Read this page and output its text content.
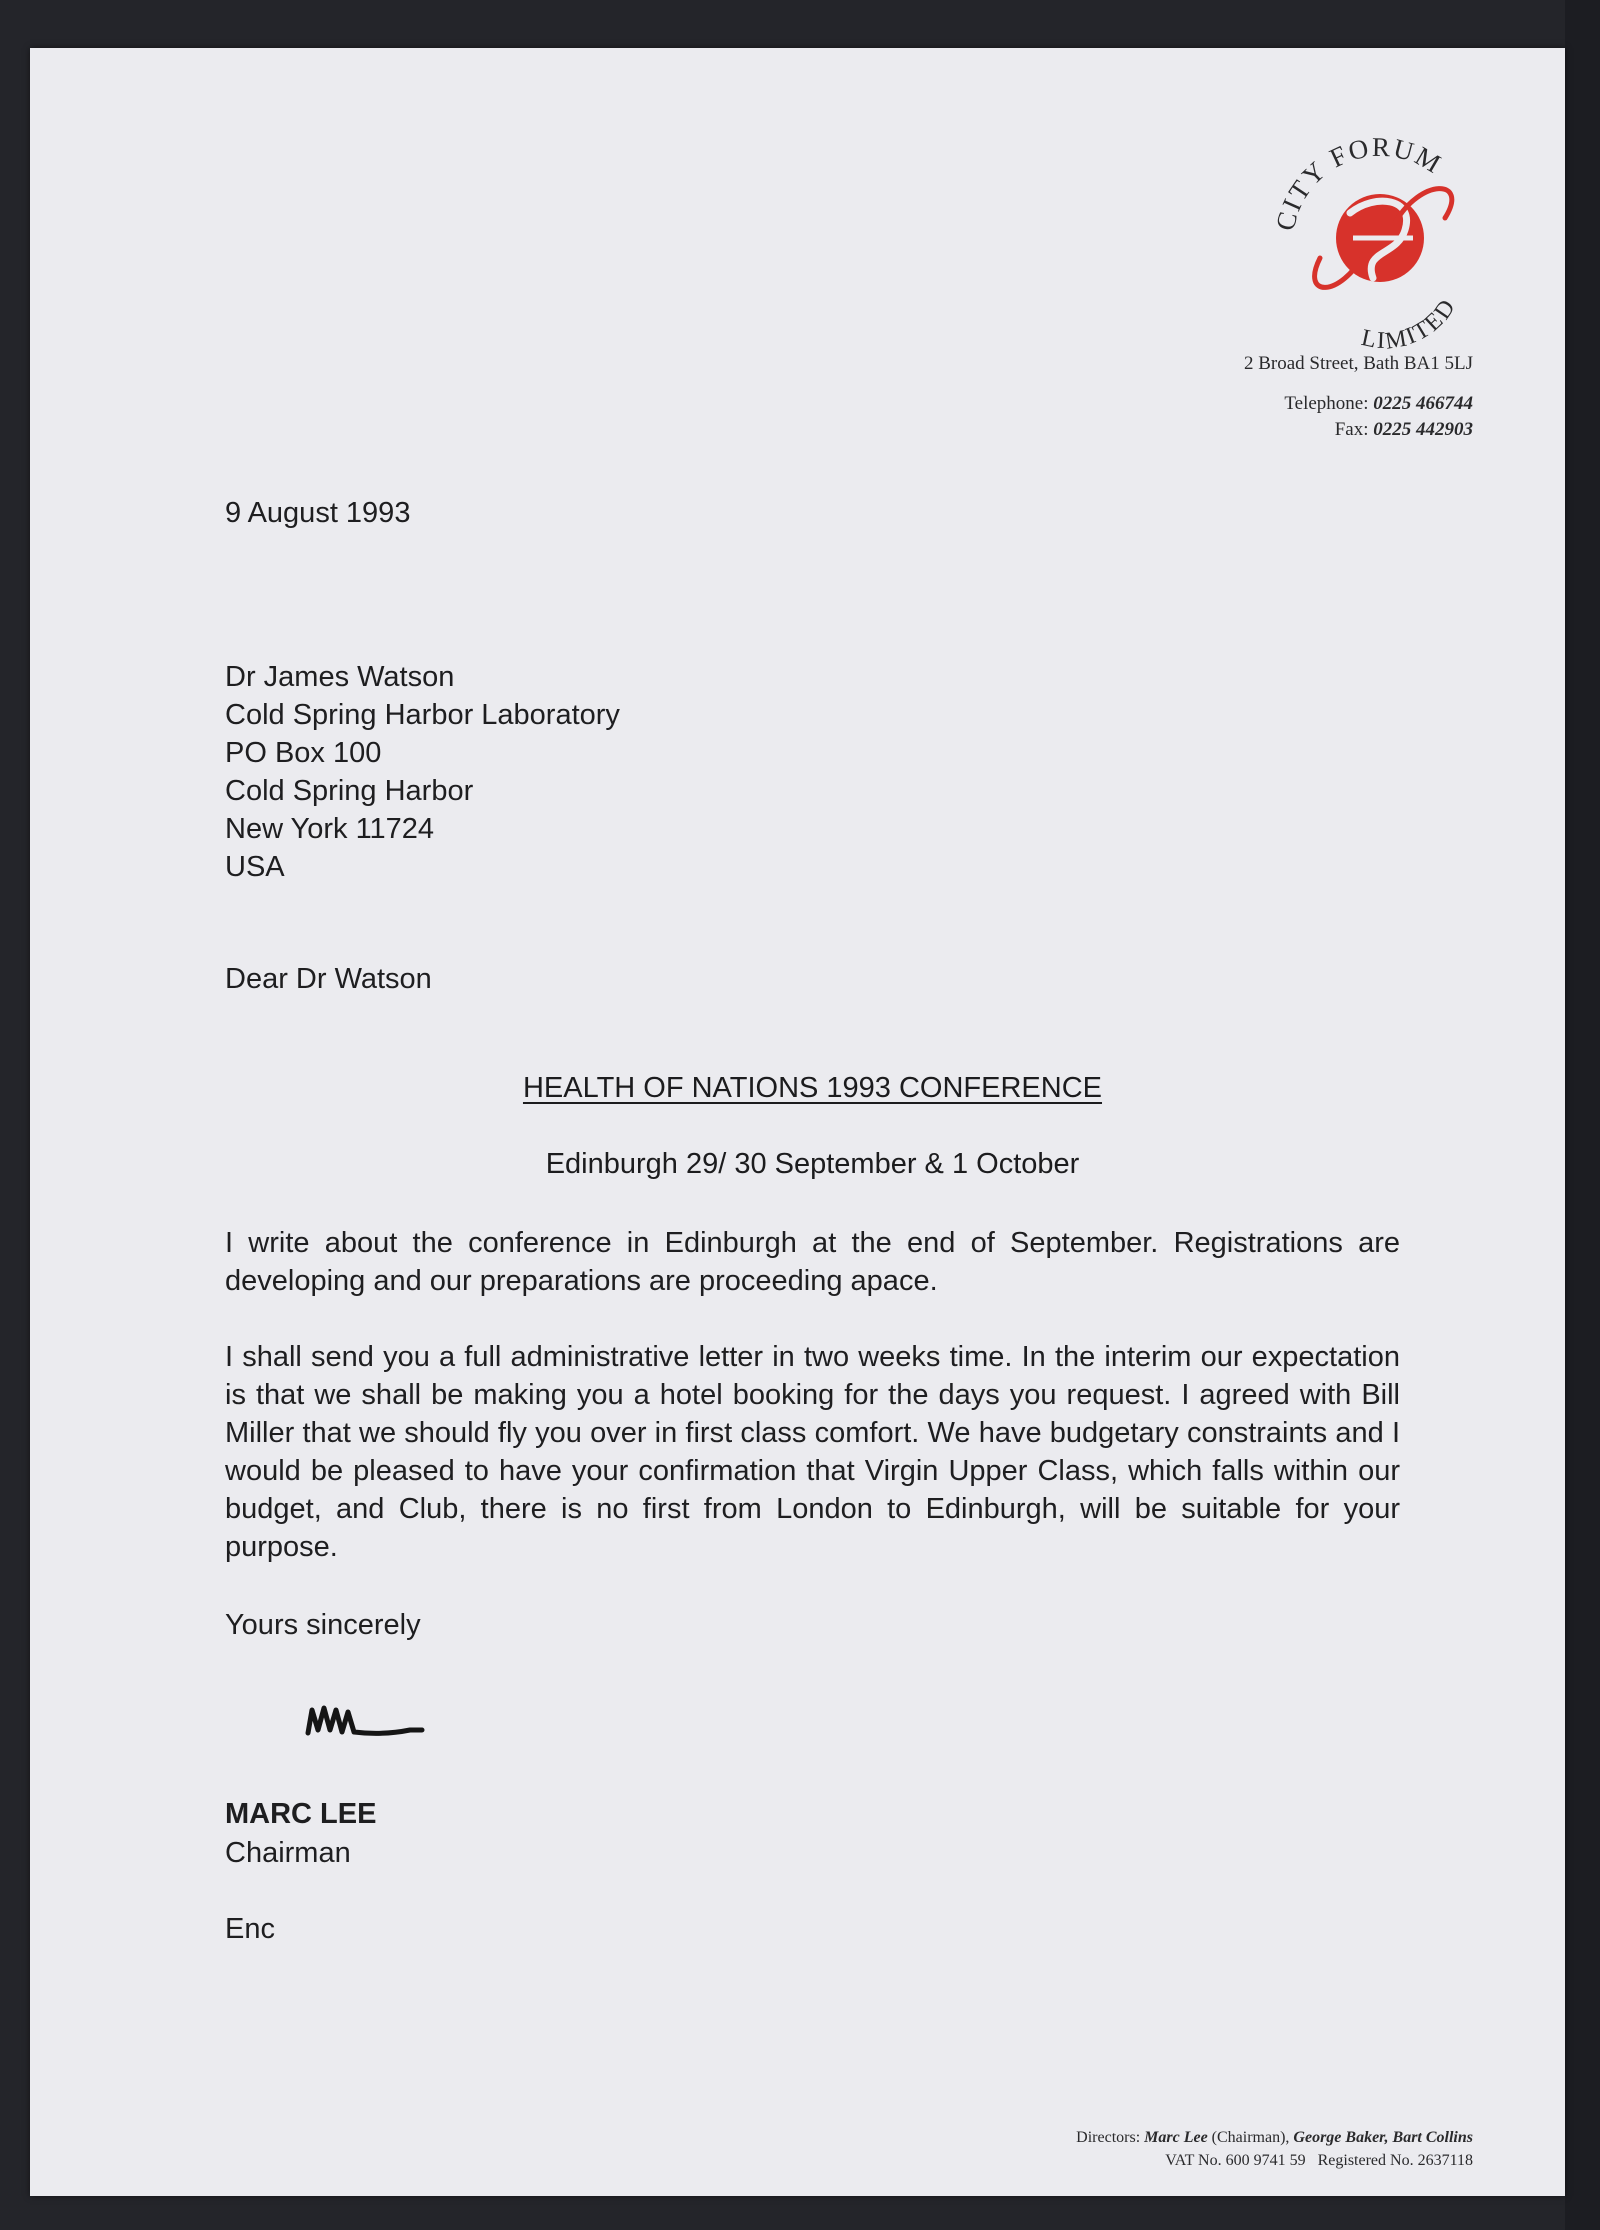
CITY FORUM
LIMITED
2 Broad Street, Bath BA1 5LJ
Telephone: 0225 466744
Fax: 0225 442903
9 August 1993
Dr James Watson
Cold Spring Harbor Laboratory
PO Box 100
Cold Spring Harbor
New York 11724
USA
Dear Dr Watson
HEALTH OF NATIONS 1993 CONFERENCE
Edinburgh 29/ 30 September & 1 October
I write about the conference in Edinburgh at the end of September. Registrations are developing and our preparations are proceeding apace.
I shall send you a full administrative letter in two weeks time. In the interim our expectation is that we shall be making you a hotel booking for the days you request. I agreed with Bill Miller that we should fly you over in first class comfort. We have budgetary constraints and I would be pleased to have your confirmation that Virgin Upper Class, which falls within our budget, and Club, there is no first from London to Edinburgh, will be suitable for your purpose.
Yours sincerely
MARC LEE
Chairman
Enc
Directors: Marc Lee (Chairman), George Baker, Bart Collins
VAT No. 600 9741 59 Registered No. 2637118
